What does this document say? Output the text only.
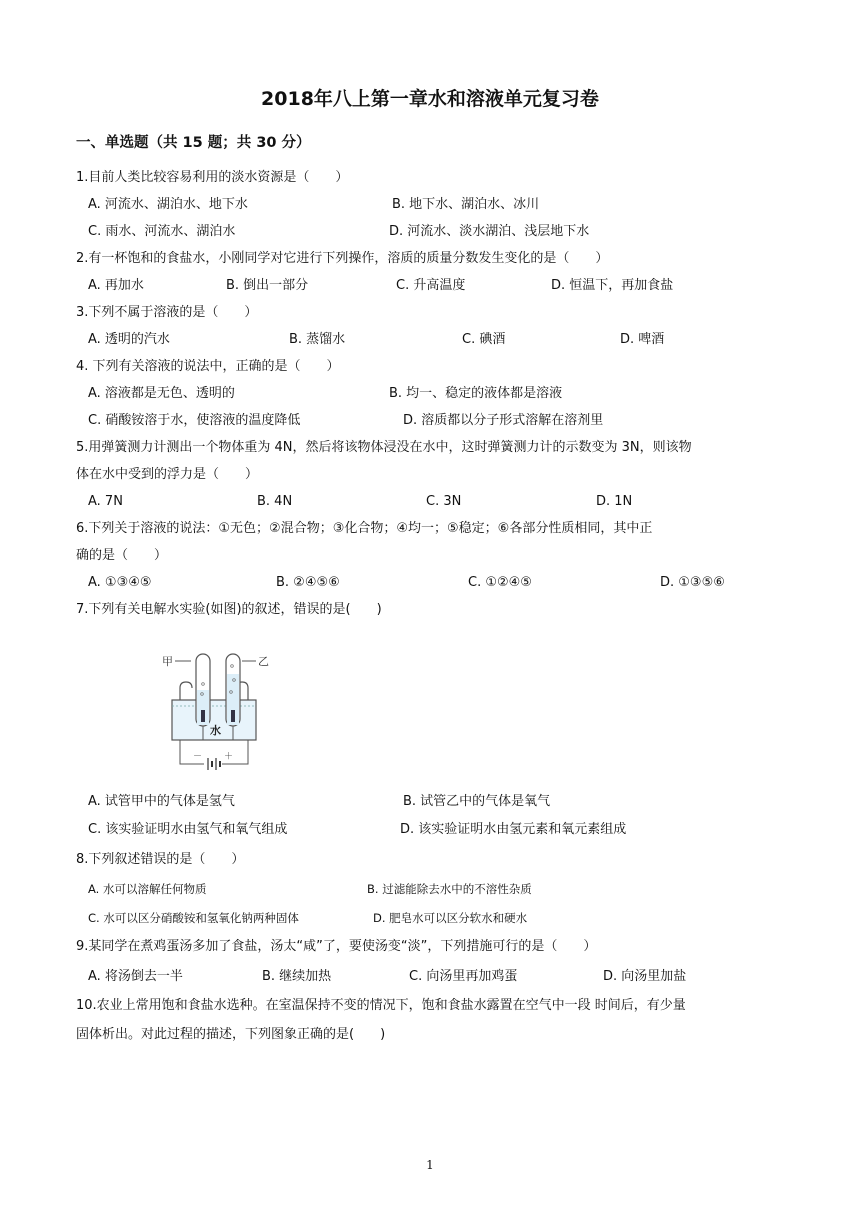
2018年八上第一章水和溶液单元复习卷
一、单选题（共 15 题；共 30 分）
1.目前人类比较容易利用的淡水资源是（　　）
A. 河流水、湖泊水、地下水	B. 地下水、湖泊水、冰川
C. 雨水、河流水、湖泊水	D. 河流水、淡水湖泊、浅层地下水
2.有一杯饱和的食盐水，小刚同学对它进行下列操作，溶质的质量分数发生变化的是（　　）
A. 再加水	B. 倒出一部分	C. 升高温度	D. 恒温下，再加食盐
3.下列不属于溶液的是（　　）
A. 透明的汽水	B. 蒸馏水	C. 碘酒	D. 啤酒
4. 下列有关溶液的说法中，正确的是（　　）
A. 溶液都是无色、透明的	B. 均一、稳定的液体都是溶液
C. 硝酸铵溶于水，使溶液的温度降低	D. 溶质都以分子形式溶解在溶剂里
5.用弹簧测力计测出一个物体重为 4N，然后将该物体浸没在水中，这时弹簧测力计的示数变为 3N，则该物
体在水中受到的浮力是（　　）
A. 7N	B. 4N	C. 3N	D. 1N
6.下列关于溶液的说法：①无色；②混合物；③化合物；④均一；⑤稳定；⑥各部分性质相同，其中正
确的是（　　）
A. ①③④⑤	B. ②④⑤⑥	C. ①②④⑤	D. ①③⑤⑥
7.下列有关电解水实验(如图)的叙述，错误的是(　　)
甲	乙
水
－ ＋
A. 试管甲中的气体是氢气	B. 试管乙中的气体是氧气
C. 该实验证明水由氢气和氧气组成	D. 该实验证明水由氢元素和氧元素组成
8.下列叙述错误的是（　　）
A. 水可以溶解任何物质	B. 过滤能除去水中的不溶性杂质
C. 水可以区分硝酸铵和氢氧化钠两种固体	D. 肥皂水可以区分软水和硬水
9.某同学在煮鸡蛋汤多加了食盐，汤太“咸”了，要使汤变“淡”，下列措施可行的是（　　）
A. 将汤倒去一半	B. 继续加热	C. 向汤里再加鸡蛋	D. 向汤里加盐
10.农业上常用饱和食盐水选种。在室温保持不变的情况下，饱和食盐水露置在空气中一段 时间后，有少量
固体析出。对此过程的描述，下列图象正确的是(　　)
1
